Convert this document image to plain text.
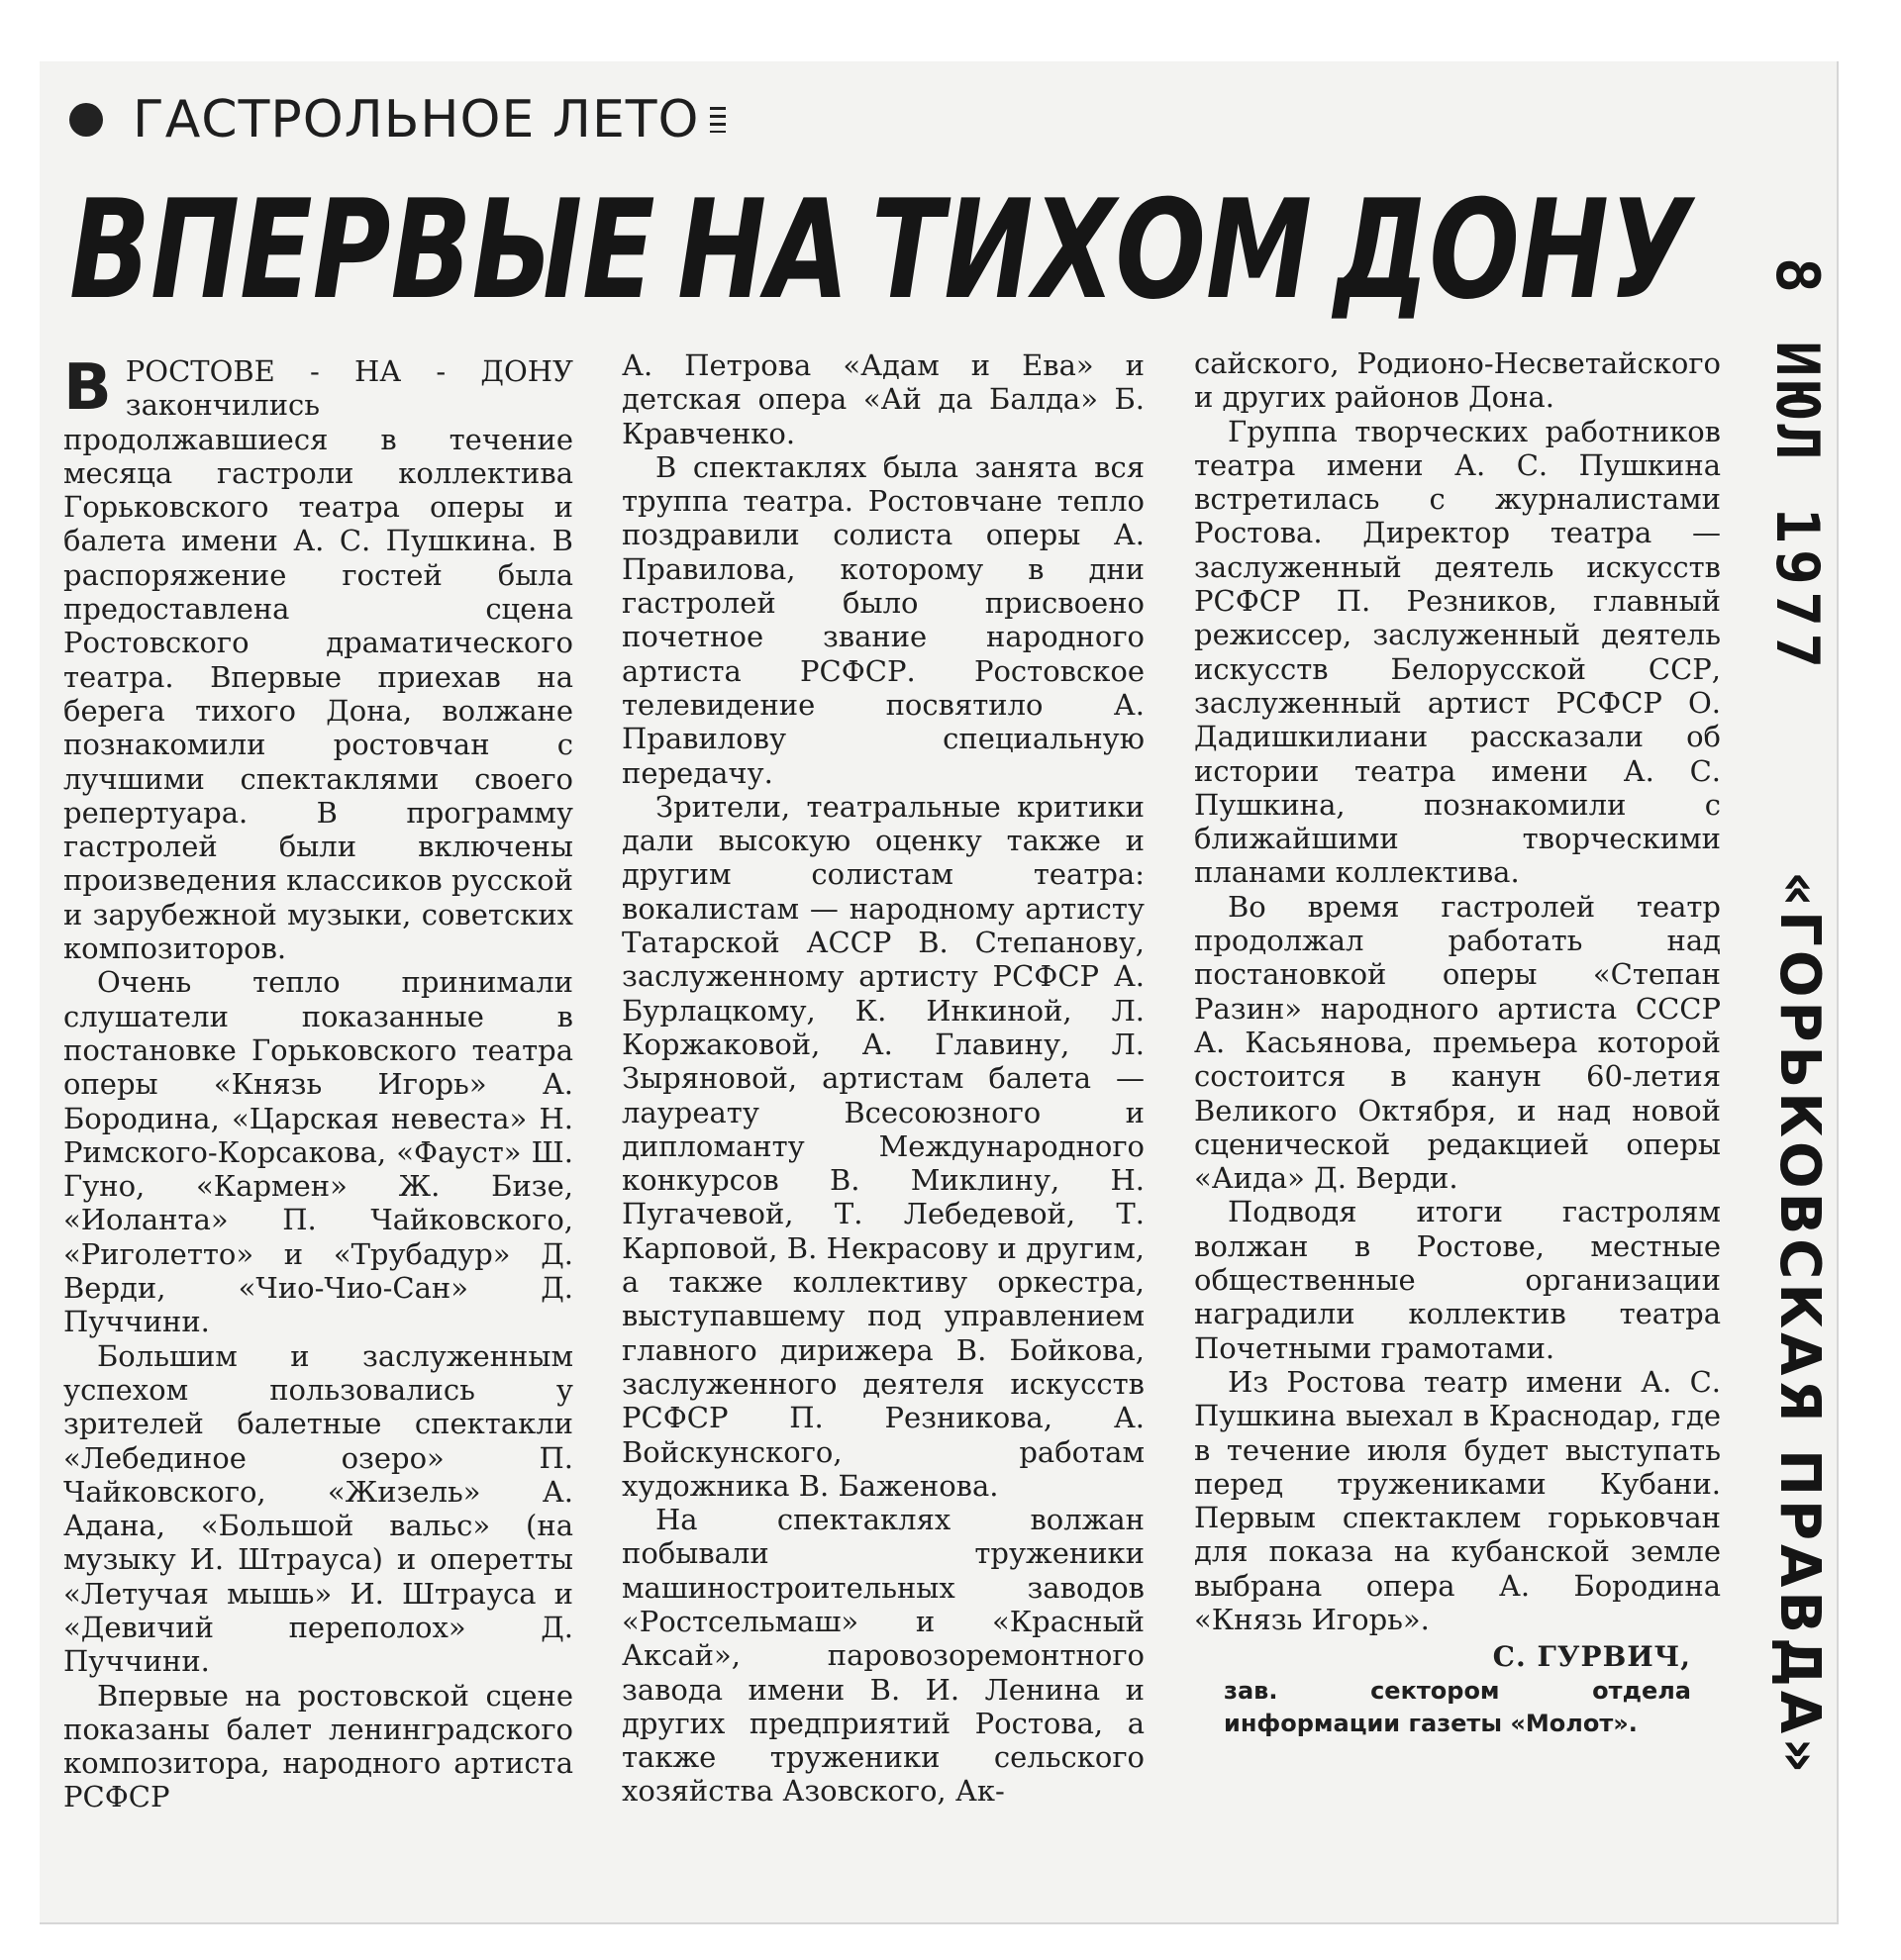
ГАСТРОЛЬНОЕ ЛЕТО
ВПЕРВЫЕ НА ТИХОМ ДОНУ

ВРОСТОВЕ - НА - ДОНУ закончились продолжавшиеся в течение месяца гастроли коллектива Горьковского театра оперы и балета имени А. С. Пушкина. В распоряжение гостей была предоставлена сцена Ростовского драматического театра. Впервые приехав на берега тихого Дона, волжане познакомили ростовчан с лучшими спектаклями своего репертуара. В программу гастролей были включены произведения классиков русской и зарубежной музыки, советских композиторов.

Очень тепло принимали слушатели показанные в постановке Горьковского театра оперы «Князь Игорь» А. Бородина, «Царская невеста» Н. Римского-Корсакова, «Фауст» Ш. Гуно, «Кармен» Ж. Бизе, «Иоланта» П. Чайковского, «Риголетто» и «Трубадур» Д. Верди, «Чио-Чио-Сан» Д. Пуччини.

Большим и заслуженным успехом пользовались у зрителей балетные спектакли «Лебединое озеро» П. Чайковского, «Жизель» А. Адана, «Большой вальс» (на музыку И. Штрауса) и оперетты «Летучая мышь» И. Штрауса и «Девичий переполох» Д. Пуччини.

Впервые на ростовской сцене показаны балет ленинградского композитора, народного артиста РСФСР

А. Петрова «Адам и Ева» и детская опера «Ай да Балда» Б. Кравченко.

В спектаклях была занята вся труппа театра. Ростовчане тепло поздравили солиста оперы А. Правилова, которому в дни гастролей было присвоено почетное звание народного артиста РСФСР. Ростовское телевидение посвятило А. Правилову специальную передачу.

Зрители, театральные критики дали высокую оценку также и другим солистам театра: вокалистам — народному артисту Татарской АССР В. Степанову, заслуженному артисту РСФСР А. Бурлацкому, К. Инкиной, Л. Коржаковой, А. Главину, Л. Зыряновой, артистам балета — лауреату Всесоюзного и дипломанту Международного конкурсов В. Миклину, Н. Пугачевой, Т. Лебедевой, Т. Карповой, В. Некрасову и другим, а также коллективу оркестра, выступавшему под управлением главного дирижера В. Бойкова, заслуженного деятеля искусств РСФСР П. Резникова, А. Войскунского, работам художника В. Баженова.

На спектаклях волжан побывали труженики машиностроительных заводов «Ростсельмаш» и «Красный Аксай», паровозоремонтного завода имени В. И. Ленина и других предприятий Ростова, а также труженики сельского хозяйства Азовского, Ак-

сайского, Родионо-Несветайского и других районов Дона.

Группа творческих работников театра имени А. С. Пушкина встретилась с журналистами Ростова. Директор театра — заслуженный деятель искусств РСФСР П. Резников, главный режиссер, заслуженный деятель искусств Белорусской ССР, заслуженный артист РСФСР О. Дадишкилиани рассказали об истории театра имени А. С. Пушкина, познакомили с ближайшими творческими планами коллектива.

Во время гастролей театр продолжал работать над постановкой оперы «Степан Разин» народного артиста СССР А. Касьянова, премьера которой состоится в канун 60-летия Великого Октября, и над новой сценической редакцией оперы «Аида» Д. Верди.

Подводя итоги гастролям волжан в Ростове, местные общественные организации наградили коллектив театра Почетными грамотами.

Из Ростова театр имени А. С. Пушкина выехал в Краснодар, где в течение июля будет выступать перед тружениками Кубани. Первым спектаклем горьковчан для показа на кубанской земле выбрана опера А. Бородина «Князь Игорь».

С. ГУРВИЧ,
зав. сектором отдела информации газеты «Молот».
8 ИЮЛ 1977
«ГОРЬКОВСКАЯ ПРАВДА»
